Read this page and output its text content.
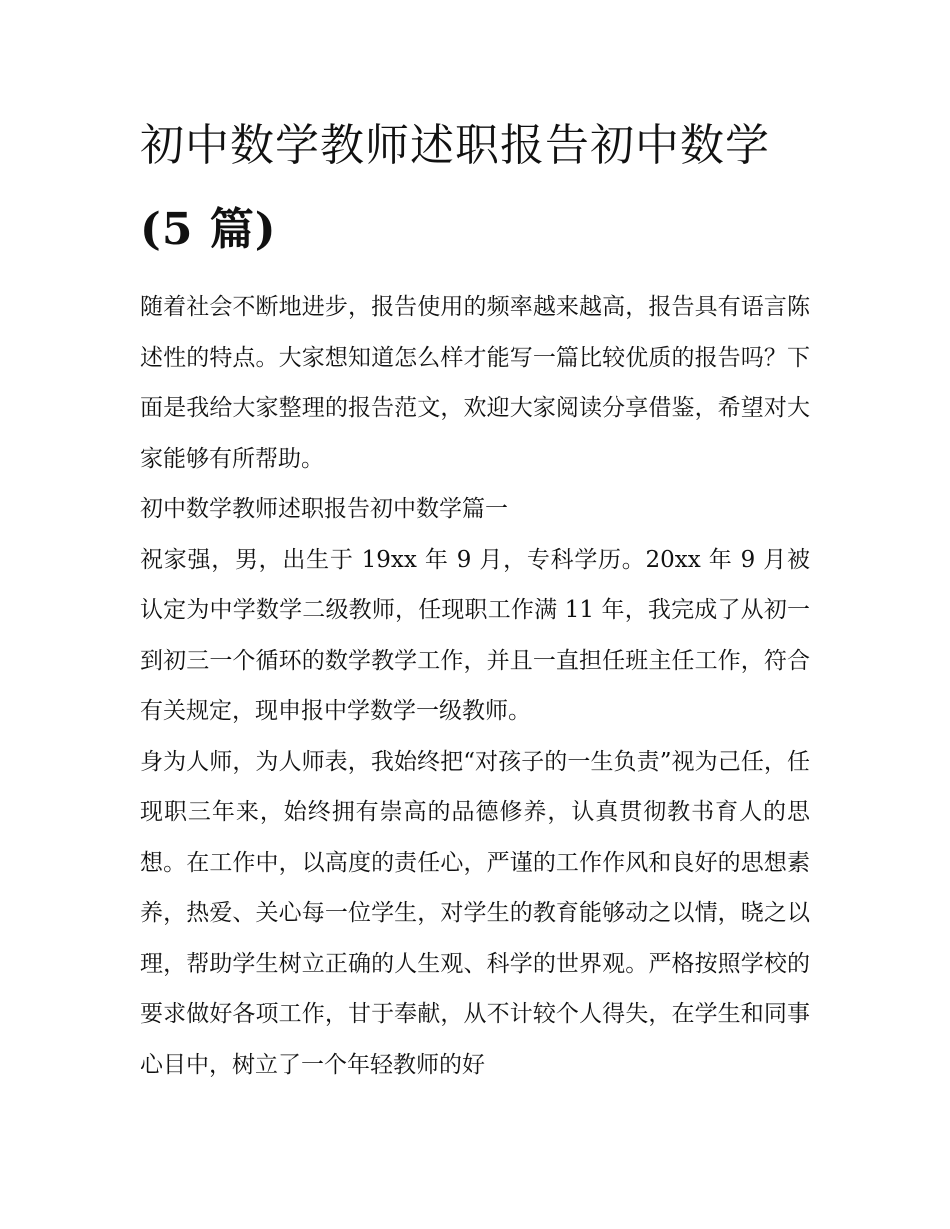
初中数学教师述职报告初中数学(5 篇)

随着社会不断地进步，报告使用的频率越来越高，报告具有语言陈述性的特点。大家想知道怎么样才能写一篇比较优质的报告吗？下面是我给大家整理的报告范文，欢迎大家阅读分享借鉴，希望对大家能够有所帮助。

初中数学教师述职报告初中数学篇一

祝家强，男，出生于 19xx 年 9 月，专科学历。20xx 年 9 月被认定为中学数学二级教师，任现职工作满 11 年，我完成了从初一到初三一个循环的数学教学工作，并且一直担任班主任工作，符合有关规定，现申报中学数学一级教师。

身为人师，为人师表，我始终把“对孩子的一生负责”视为己任，任现职三年来，始终拥有崇高的品德修养，认真贯彻教书育人的思想。在工作中，以高度的责任心，严谨的工作作风和良好的思想素养，热爱、关心每一位学生，对学生的教育能够动之以情，晓之以理，帮助学生树立正确的人生观、科学的世界观。严格按照学校的要求做好各项工作，甘于奉献，从不计较个人得失，在学生和同事心目中，树立了一个年轻教师的好
